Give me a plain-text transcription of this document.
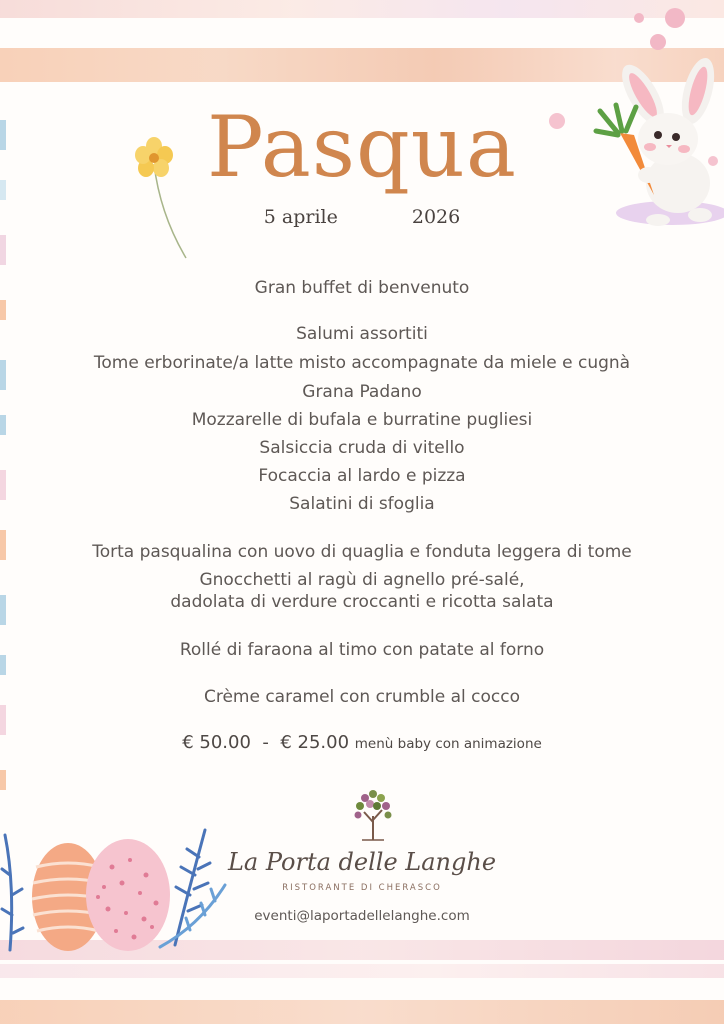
Pasqua
5 aprile	2026
Gran buffet di benvenuto
Salumi assortiti
Tome erborinate/a latte misto accompagnate da miele e cugnà
Grana Padano
Mozzarelle di bufala e burratine pugliesi
Salsiccia cruda di vitello
Focaccia al lardo e pizza
Salatini di sfoglia
Torta pasqualina con uovo di quaglia e fonduta leggera di tome
Gnocchetti al ragù di agnello pré-salé,
dadolata di verdure croccanti e ricotta salata
Rollé di faraona al timo con patate al forno
Crème caramel con crumble al cocco
€ 50.00 - € 25.00 menù baby con animazione
La Porta delle Langhe
RISTORANTE DI CHERASCO
eventi@laportadellelanghe.com
